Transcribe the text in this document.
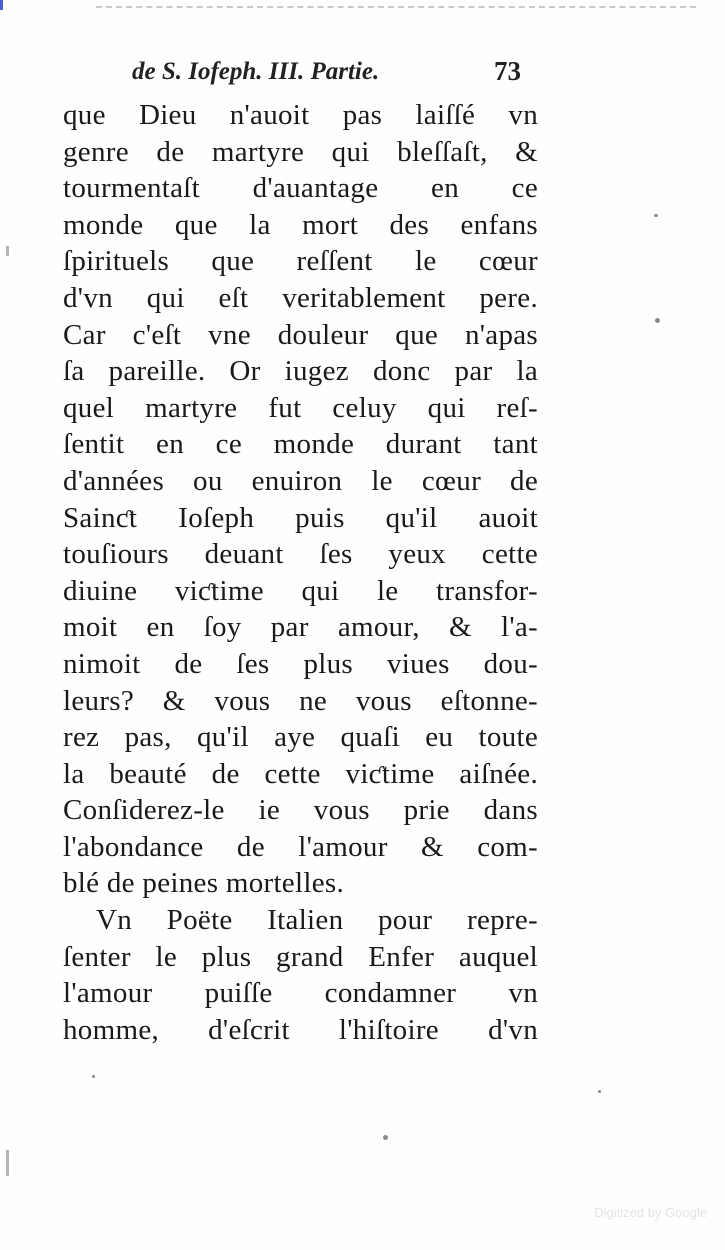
de S. Iofeph. III. Partie.	73
que Dieu n'auoit pas laiſſé vn
genre de martyre qui bleſſaſt, &
tourmentaſt d'auantage en ce
monde que la mort des enfans
ſpirituels que reſſent le cœur
d'vn qui eſt veritablement pere.
Car c'eſt vne douleur que n'apas
ſa pareille. Or iugez donc par la
quel martyre fut celuy qui reſ-
ſentit en ce monde durant tant
d'années ou enuiron le cœur de
Sainƈt Ioſeph puis qu'il auoit
touſiours deuant ſes yeux cette
diuine viƈtime qui le transfor-
moit en ſoy par amour, & l'a-
nimoit de ſes plus viues dou-
leurs? & vous ne vous eſtonne-
rez pas, qu'il aye quaſi eu toute
la beauté de cette viƈtime aiſnée.
Conſiderez-le ie vous prie dans
l'abondance de l'amour & com-
blé de peines mortelles.
Vn Poëte Italien pour repre-
ſenter le plus grand Enfer auquel
l'amour puiſſe condamner vn
homme, d'eſcrit l'hiſtoire d'vn
Digitized by Google
